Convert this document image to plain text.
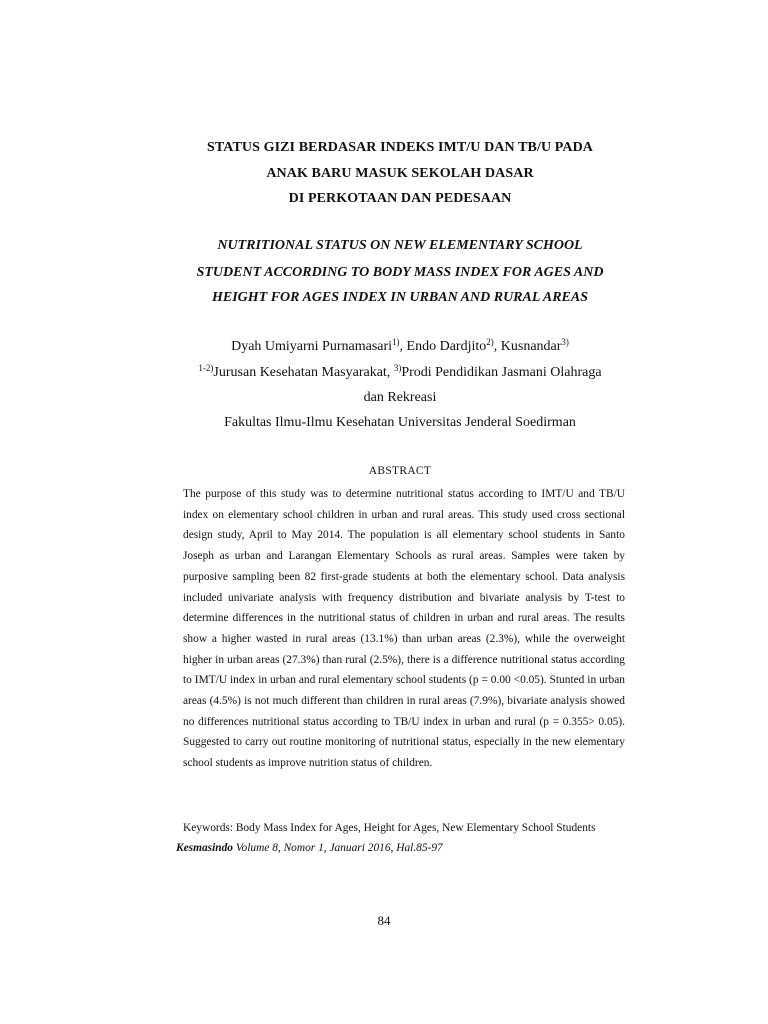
STATUS GIZI BERDASAR INDEKS IMT/U DAN TB/U PADA
ANAK BARU MASUK SEKOLAH DASAR
DI PERKOTAAN DAN PEDESAAN
NUTRITIONAL STATUS ON NEW ELEMENTARY SCHOOL
STUDENT ACCORDING TO BODY MASS INDEX FOR AGES AND
HEIGHT FOR AGES INDEX IN URBAN AND RURAL AREAS
Dyah Umiyarni Purnamasari$^{1)}$, Endo Dardjito$^{2)}$, Kusnandar$^{3)}$
$^{1-2)}$Jurusan Kesehatan Masyarakat, $^{3)}$Prodi Pendidikan Jasmani Olahraga
dan Rekreasi
Fakultas Ilmu-Ilmu Kesehatan Universitas Jenderal Soedirman
ABSTRACT

The purpose of this study was to determine nutritional status according to IMT/U and TB/U index on elementary school children in urban and rural areas. This study used cross sectional design study, April to May 2014. The population is all elementary school students in Santo Joseph as urban and Larangan Elementary Schools as rural areas. Samples were taken by purposive sampling been 82 first-grade students at both the elementary school. Data analysis included univariate analysis with frequency distribution and bivariate analysis by T-test to determine differences in the nutritional status of children in urban and rural areas. The results show a higher wasted in rural areas (13.1%) than urban areas (2.3%), while the overweight higher in urban areas (27.3%) than rural (2.5%), there is a difference nutritional status according to IMT/U index in urban and rural elementary school students (p = 0.00 <0.05). Stunted in urban areas (4.5%) is not much different than children in rural areas (7.9%), bivariate analysis showed no differences nutritional status according to TB/U index in urban and rural (p = 0.355> 0.05). Suggested to carry out routine monitoring of nutritional status, especially in the new elementary school students as improve nutrition status of children.

Keywords: Body Mass Index for Ages, Height for Ages, New Elementary School Students
Kesmasindo Volume 8, Nomor 1, Januari 2016, Hal.85-97
84
